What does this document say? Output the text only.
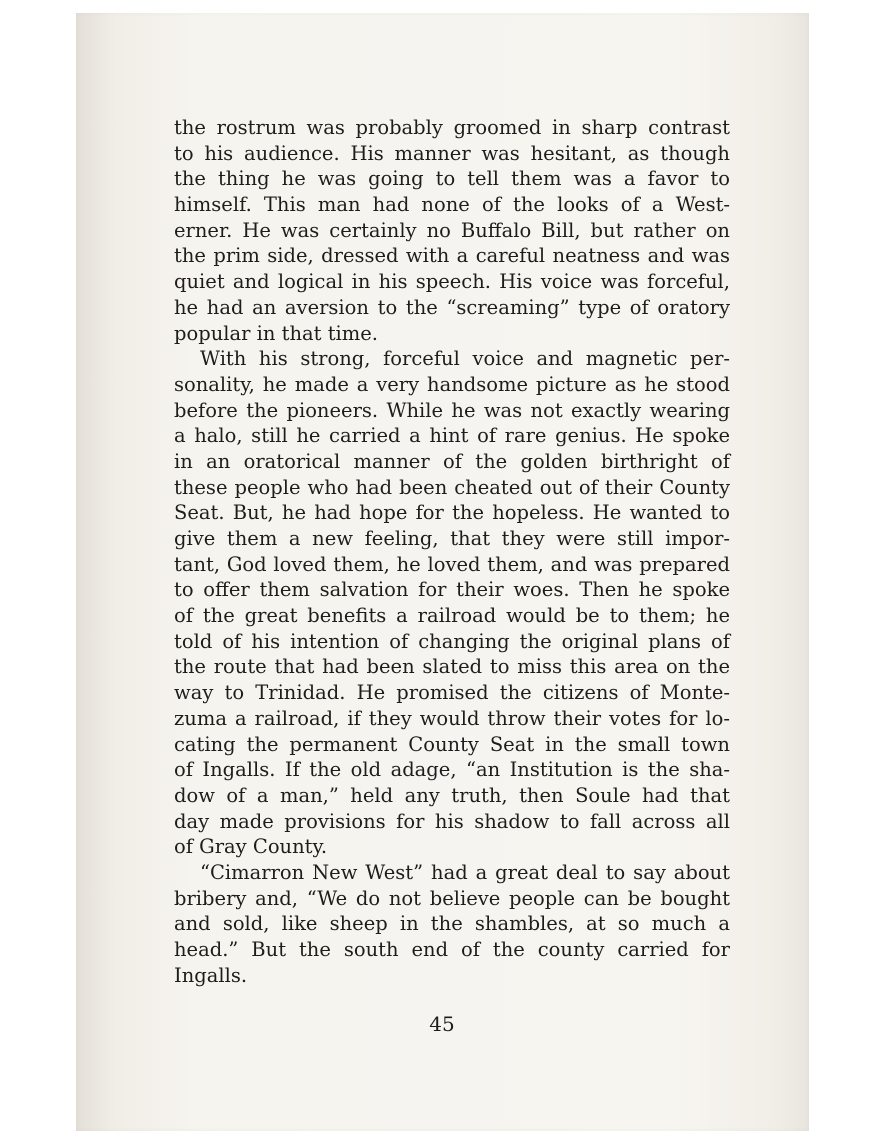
the rostrum was probably groomed in sharp contrast
to his audience. His manner was hesitant, as though
the thing he was going to tell them was a favor to
himself. This man had none of the looks of a West-
erner. He was certainly no Buffalo Bill, but rather on
the prim side, dressed with a careful neatness and was
quiet and logical in his speech. His voice was forceful,
he had an aversion to the “screaming” type of oratory
popular in that time.
With his strong, forceful voice and magnetic per-
sonality, he made a very handsome picture as he stood
before the pioneers. While he was not exactly wearing
a halo, still he carried a hint of rare genius. He spoke
in an oratorical manner of the golden birthright of
these people who had been cheated out of their County
Seat. But, he had hope for the hopeless. He wanted to
give them a new feeling, that they were still impor-
tant, God loved them, he loved them, and was prepared
to offer them salvation for their woes. Then he spoke
of the great benefits a railroad would be to them; he
told of his intention of changing the original plans of
the route that had been slated to miss this area on the
way to Trinidad. He promised the citizens of Monte-
zuma a railroad, if they would throw their votes for lo-
cating the permanent County Seat in the small town
of Ingalls. If the old adage, “an Institution is the sha-
dow of a man,” held any truth, then Soule had that
day made provisions for his shadow to fall across all
of Gray County.
“Cimarron New West” had a great deal to say about
bribery and, “We do not believe people can be bought
and sold, like sheep in the shambles, at so much a
head.” But the south end of the county carried for
Ingalls.
45
